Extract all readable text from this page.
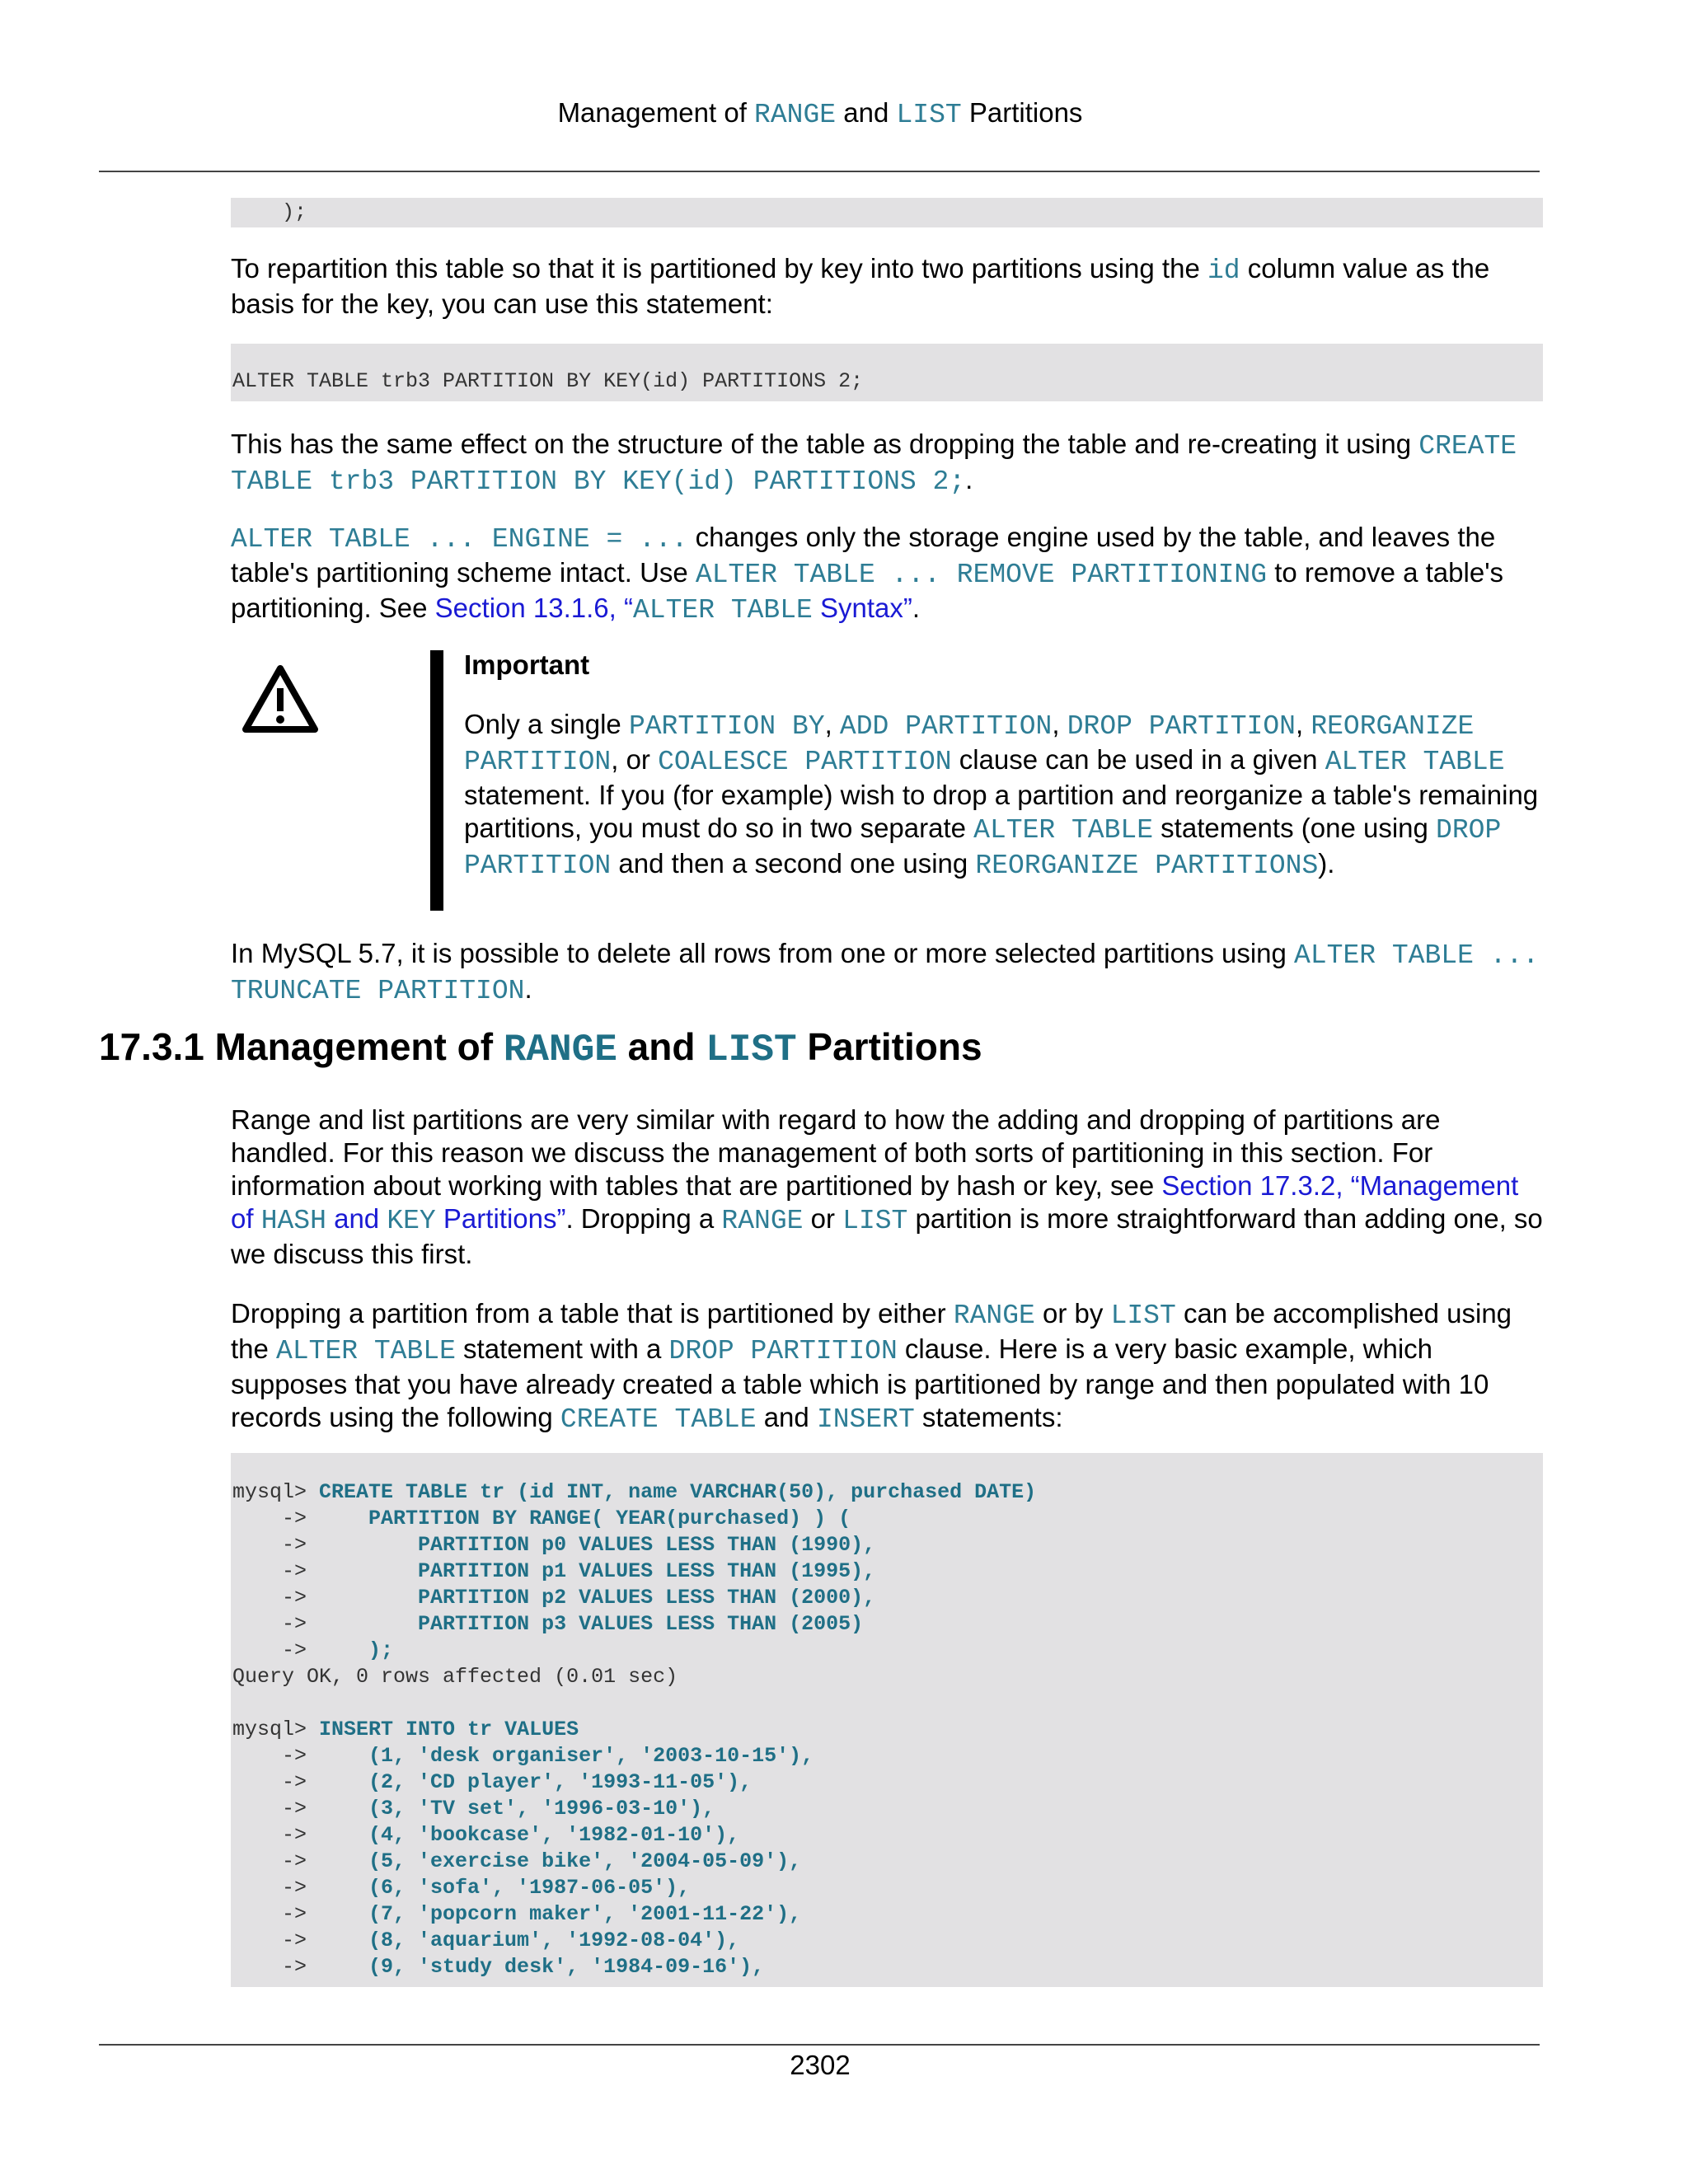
Management of RANGE and LIST Partitions
);

To repartition this table so that it is partitioned by key into two partitions using the id column value as the basis for the key, you can use this statement:

ALTER TABLE trb3 PARTITION BY KEY(id) PARTITIONS 2;

This has the same effect on the structure of the table as dropping the table and re-creating it using CREATE TABLE trb3 PARTITION BY KEY(id) PARTITIONS 2;.

ALTER TABLE ... ENGINE = ... changes only the storage engine used by the table, and leaves the table's partitioning scheme intact. Use ALTER TABLE ... REMOVE PARTITIONING to remove a table's partitioning. See Section 13.1.6, “ALTER TABLE Syntax”.

Important

Only a single PARTITION BY, ADD PARTITION, DROP PARTITION, REORGANIZE PARTITION, or COALESCE PARTITION clause can be used in a given ALTER TABLE statement. If you (for example) wish to drop a partition and reorganize a table's remaining partitions, you must do so in two separate ALTER TABLE statements (one using DROP PARTITION and then a second one using REORGANIZE PARTITIONS).

In MySQL 5.7, it is possible to delete all rows from one or more selected partitions using ALTER TABLE ... TRUNCATE PARTITION.

17.3.1 Management of RANGE and LIST Partitions

Range and list partitions are very similar with regard to how the adding and dropping of partitions are handled. For this reason we discuss the management of both sorts of partitioning in this section. For information about working with tables that are partitioned by hash or key, see Section 17.3.2, “Management of HASH and KEY Partitions”. Dropping a RANGE or LIST partition is more straightforward than adding one, so we discuss this first.

Dropping a partition from a table that is partitioned by either RANGE or by LIST can be accomplished using the ALTER TABLE statement with a DROP PARTITION clause. Here is a very basic example, which supposes that you have already created a table which is partitioned by range and then populated with 10 records using the following CREATE TABLE and INSERT statements:

mysql> CREATE TABLE tr (id INT, name VARCHAR(50), purchased DATE)
->     PARTITION BY RANGE( YEAR(purchased) ) (
->         PARTITION p0 VALUES LESS THAN (1990),
->         PARTITION p1 VALUES LESS THAN (1995),
->         PARTITION p2 VALUES LESS THAN (2000),
->         PARTITION p3 VALUES LESS THAN (2005)
->     );
Query OK, 0 rows affected (0.01 sec)
mysql> INSERT INTO tr VALUES
->     (1, 'desk organiser', '2003-10-15'),
->     (2, 'CD player', '1993-11-05'),
->     (3, 'TV set', '1996-03-10'),
->     (4, 'bookcase', '1982-01-10'),
->     (5, 'exercise bike', '2004-05-09'),
->     (6, 'sofa', '1987-06-05'),
->     (7, 'popcorn maker', '2001-11-22'),
->     (8, 'aquarium', '1992-08-04'),
->     (9, 'study desk', '1984-09-16'),
2302
